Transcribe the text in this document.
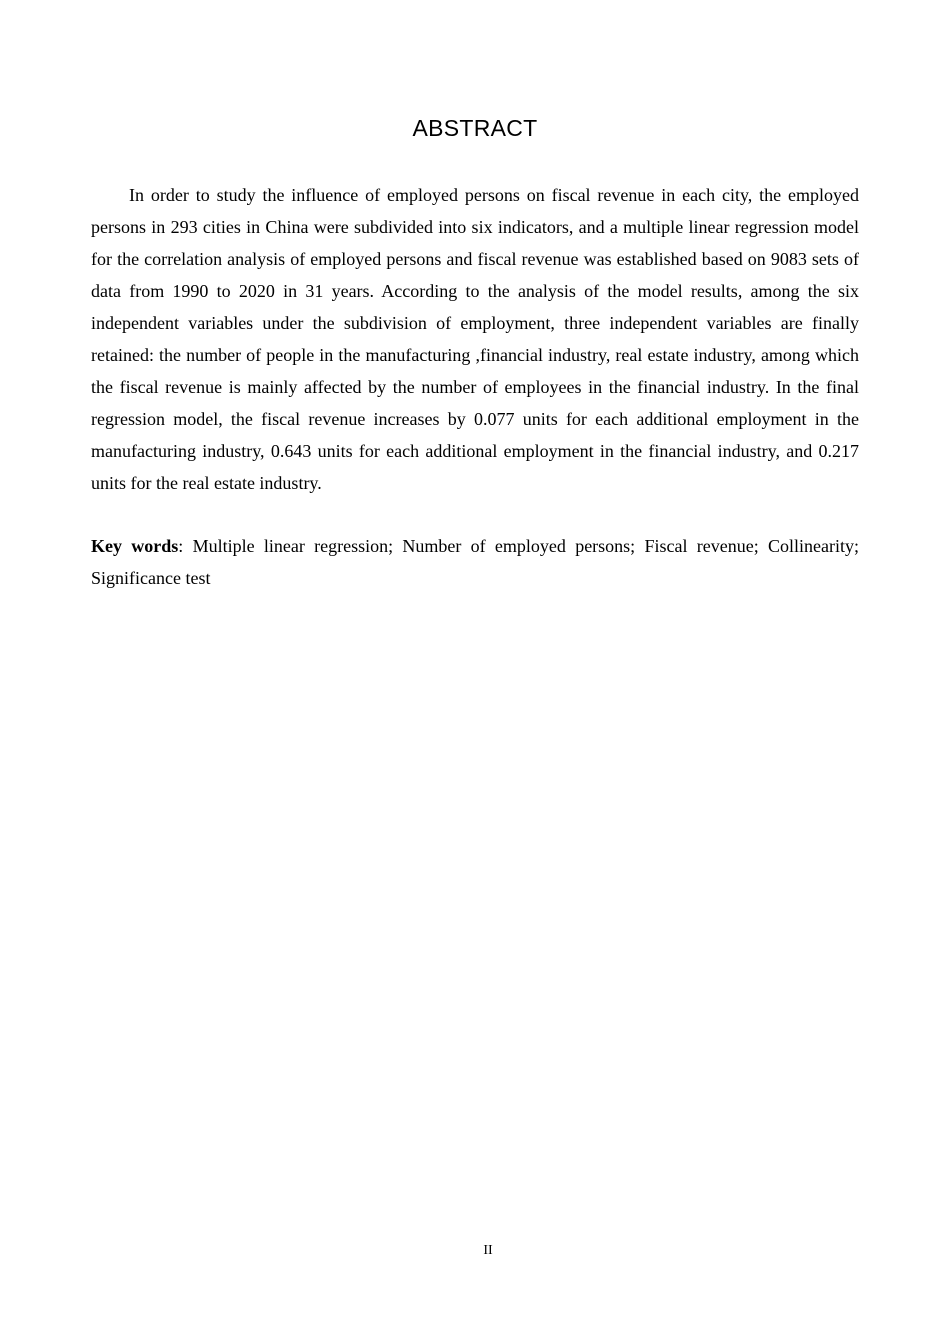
ABSTRACT

In order to study the influence of employed persons on fiscal revenue in each city, the employed persons in 293 cities in China were subdivided into six indicators, and a multiple linear regression model for the correlation analysis of employed persons and fiscal revenue was established based on 9083 sets of data from 1990 to 2020 in 31 years. According to the analysis of the model results, among the six independent variables under the subdivision of employment, three independent variables are finally retained: the number of people in the manufacturing ,financial industry, real estate industry, among which the fiscal revenue is mainly affected by the number of employees in the financial industry. In the final regression model, the fiscal revenue increases by 0.077 units for each additional employment in the manufacturing industry, 0.643 units for each additional employment in the financial industry, and 0.217 units for the real estate industry.

Key words: Multiple linear regression; Number of employed persons; Fiscal revenue; Collinearity; Significance test

II
